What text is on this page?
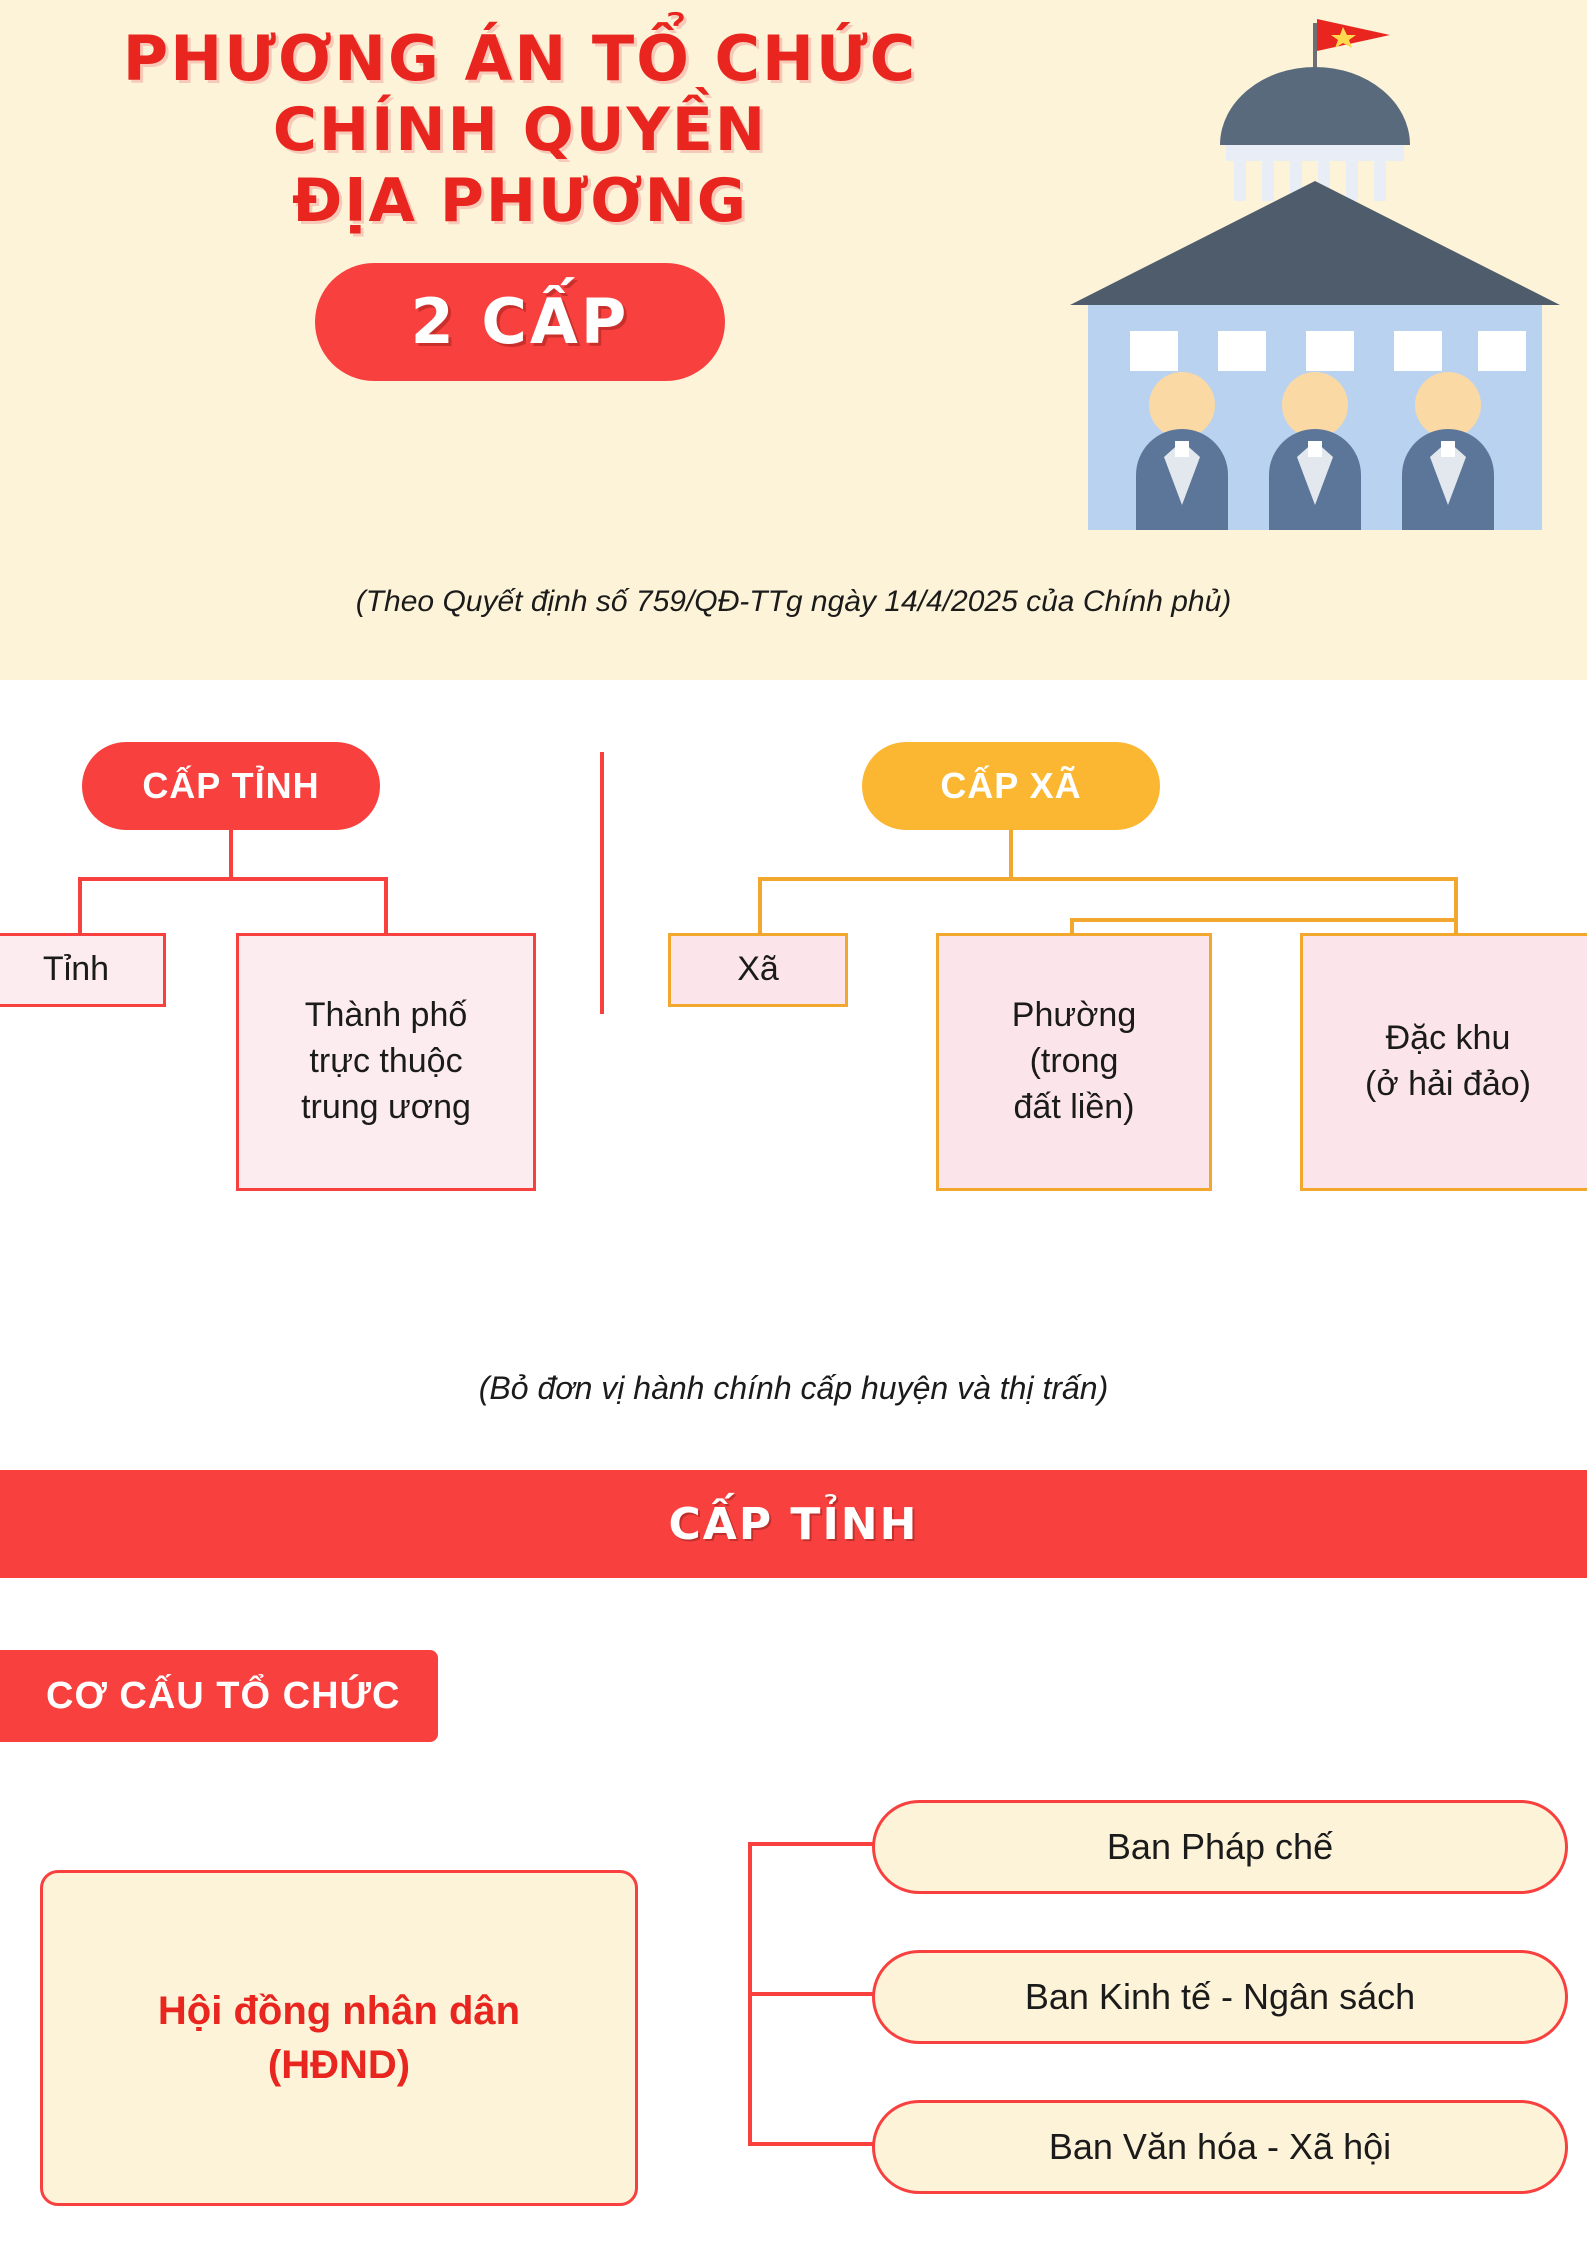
PHƯƠNG ÁN TỔ CHỨC
CHÍNH QUYỀN
ĐỊA PHƯƠNG
2 CẤP
(Theo Quyết định số 759/QĐ-TTg ngày 14/4/2025 của Chính phủ)
CẤP TỈNH
Tỉnh
Thành phố
trực thuộc
trung ương
CẤP XÃ
Xã
Phường
(trong
đất liền)
Đặc khu
(ở hải đảo)
(Bỏ đơn vị hành chính cấp huyện và thị trấn)
CẤP TỈNH
CƠ CẤU TỔ CHỨC
Hội đồng nhân dân
(HĐND)
Ban Pháp chế
Ban Kinh tế - Ngân sách
Ban Văn hóa - Xã hội
